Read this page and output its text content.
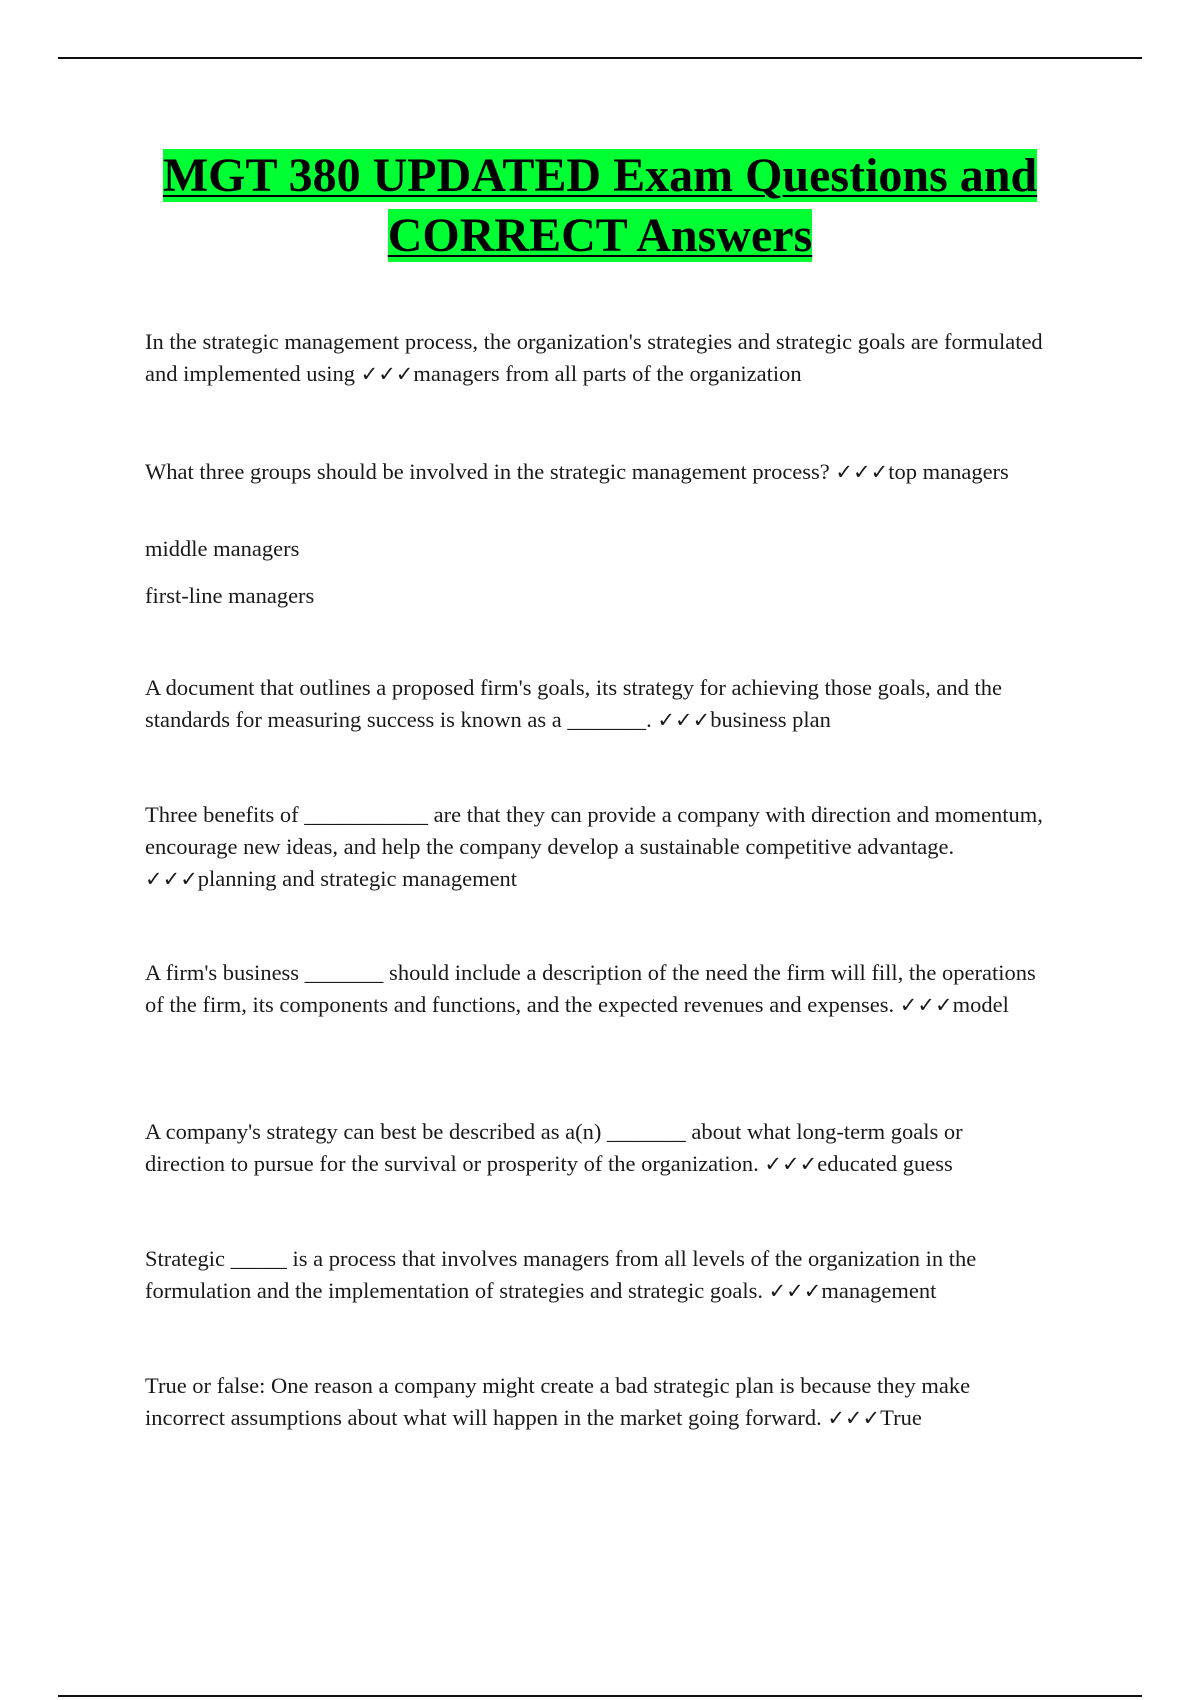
MGT 380 UPDATED Exam Questions and
CORRECT Answers

In the strategic management process, the organization's strategies and strategic goals are formulated and implemented using ✓✓✓managers from all parts of the organization

What three groups should be involved in the strategic management process? ✓✓✓top managers

middle managers

first-line managers

A document that outlines a proposed firm's goals, its strategy for achieving those goals, and the standards for measuring success is known as a _______. ✓✓✓business plan

Three benefits of ___________ are that they can provide a company with direction and momentum, encourage new ideas, and help the company develop a sustainable competitive advantage. ✓✓✓planning and strategic management

A firm's business _______ should include a description of the need the firm will fill, the operations of the firm, its components and functions, and the expected revenues and expenses. ✓✓✓model

A company's strategy can best be described as a(n) _______ about what long-term goals or direction to pursue for the survival or prosperity of the organization. ✓✓✓educated guess

Strategic _____ is a process that involves managers from all levels of the organization in the formulation and the implementation of strategies and strategic goals. ✓✓✓management

True or false: One reason a company might create a bad strategic plan is because they make incorrect assumptions about what will happen in the market going forward. ✓✓✓True
